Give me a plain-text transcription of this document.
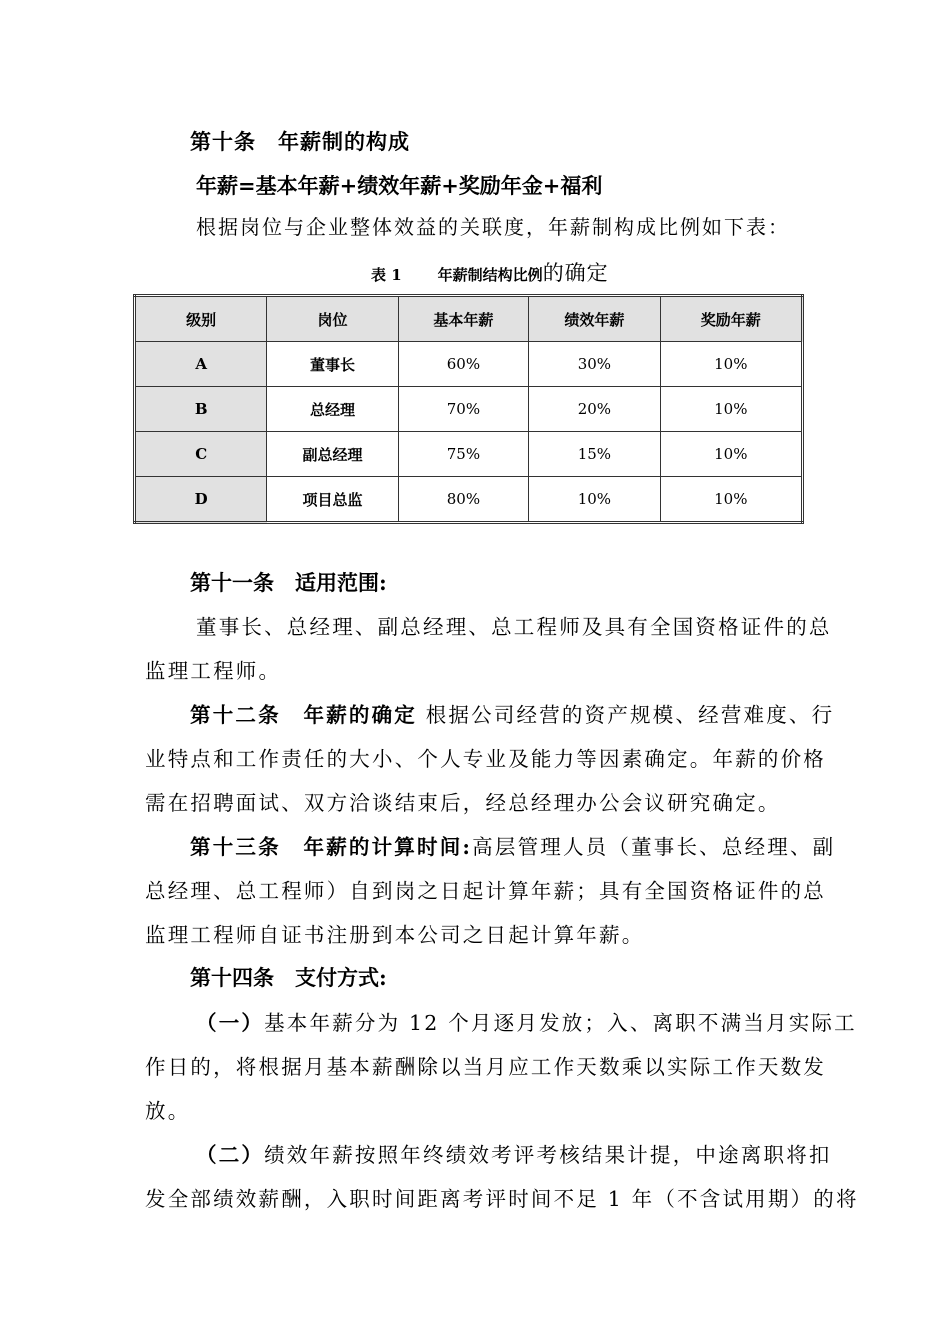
第十条　年薪制的构成
年薪=基本年薪+绩效年薪+奖励年金+福利
根据岗位与企业整体效益的关联度，年薪制构成比例如下表：
表 1 年薪制结构比例的确定
级别	岗位	基本年薪	绩效年薪	奖励年薪
A	董事长	60%	30%	10%
B	总经理	70%	20%	10%
C	副总经理	75%	15%	10%
D	项目总监	80%	10%	10%
第十一条　适用范围:
董事长、总经理、副总经理、总工程师及具有全国资格证件的总
监理工程师。
第十二条　年薪的确定 根据公司经营的资产规模、经营难度、行
业特点和工作责任的大小、个人专业及能力等因素确定。年薪的价格
需在招聘面试、双方洽谈结束后，经总经理办公会议研究确定。
第十三条　年薪的计算时间:高层管理人员（董事长、总经理、副
总经理、总工程师）自到岗之日起计算年薪；具有全国资格证件的总
监理工程师自证书注册到本公司之日起计算年薪。
第十四条　支付方式:
（一）基本年薪分为 12 个月逐月发放；入、离职不满当月实际工
作日的，将根据月基本薪酬除以当月应工作天数乘以实际工作天数发
放。
（二）绩效年薪按照年终绩效考评考核结果计提，中途离职将扣
发全部绩效薪酬，入职时间距离考评时间不足 1 年（不含试用期）的将
